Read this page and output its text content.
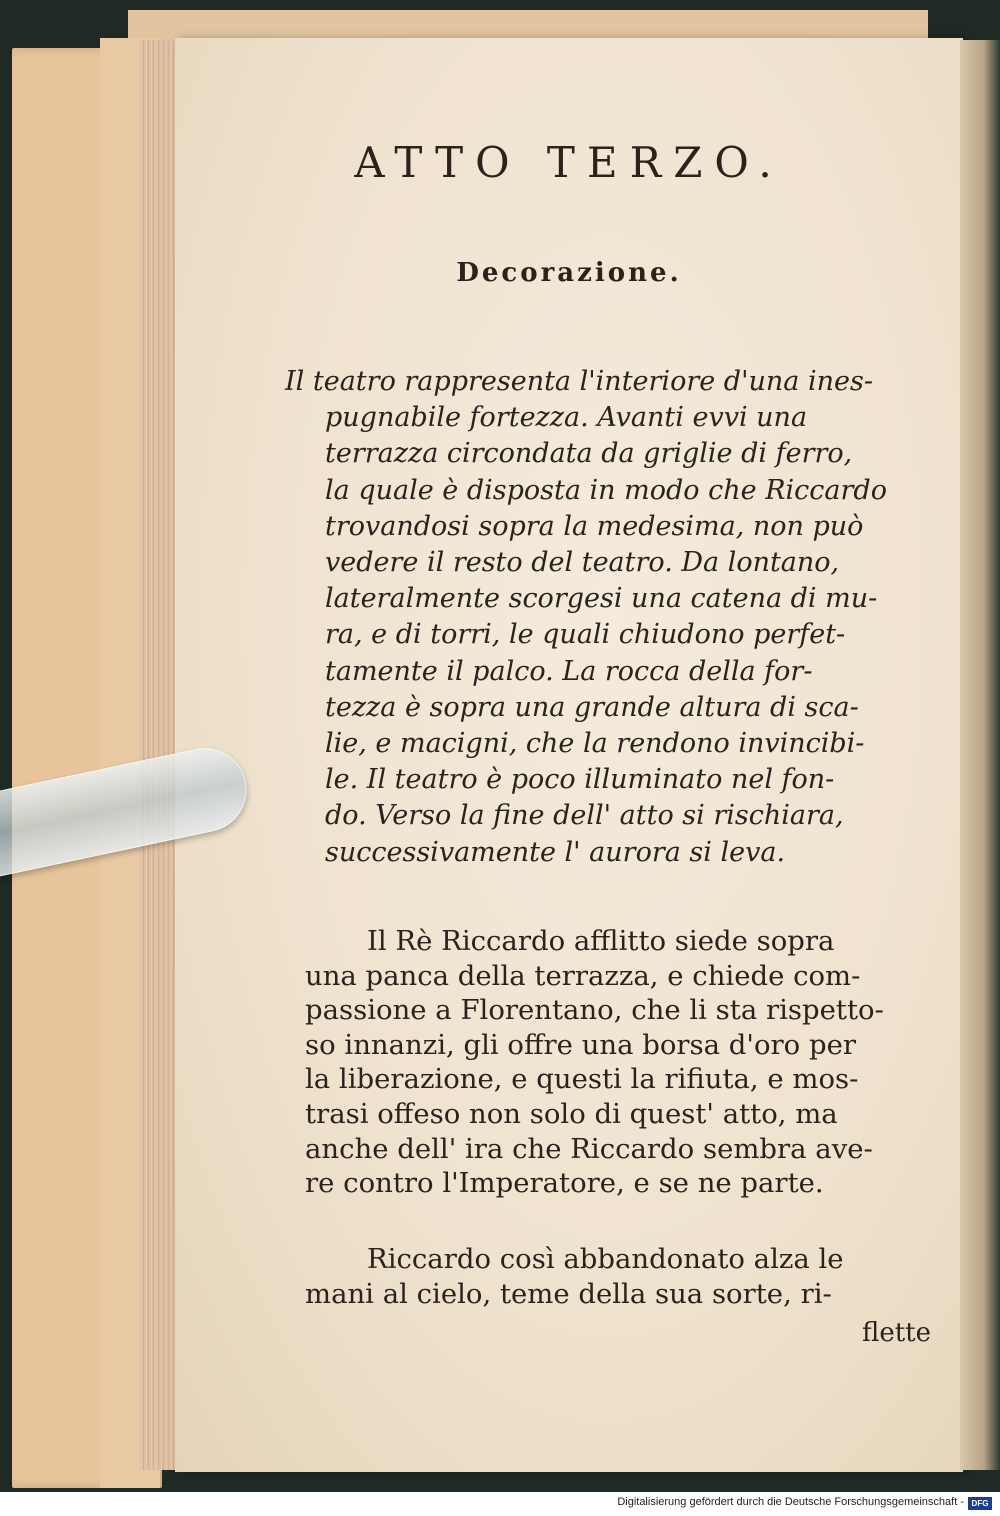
ATTO TERZO.
Decorazione.

Il teatro rappresenta l'interiore d'una ines-
pugnabile fortezza. Avanti evvi una
terrazza circondata da griglie di ferro,
la quale è disposta in modo che Riccardo
trovandosi sopra la medesima, non può
vedere il resto del teatro. Da lontano,
lateralmente scorgesi una catena di mu-
ra, e di torri, le quali chiudono perfet-
tamente il palco. La rocca della for-
tezza è sopra una grande altura di sca-
lie, e macigni, che la rendono invincibi-
le. Il teatro è poco illuminato nel fon-
do. Verso la fine dell' atto si rischiara,
successivamente l' aurora si leva.

Il Rè Riccardo afflitto siede sopra
una panca della terrazza, e chiede com-
passione a Florentano, che li sta rispetto-
so innanzi, gli offre una borsa d'oro per
la liberazione, e questi la rifiuta, e mos-
trasi offeso non solo di quest' atto, ma
anche dell' ira che Riccardo sembra ave-
re contro l'Imperatore, e se ne parte.

Riccardo così abbandonato alza le
mani al cielo, teme della sua sorte, ri-

flette

Digitalisierung gefördert durch die Deutsche Forschungsgemeinschaft - DFG
